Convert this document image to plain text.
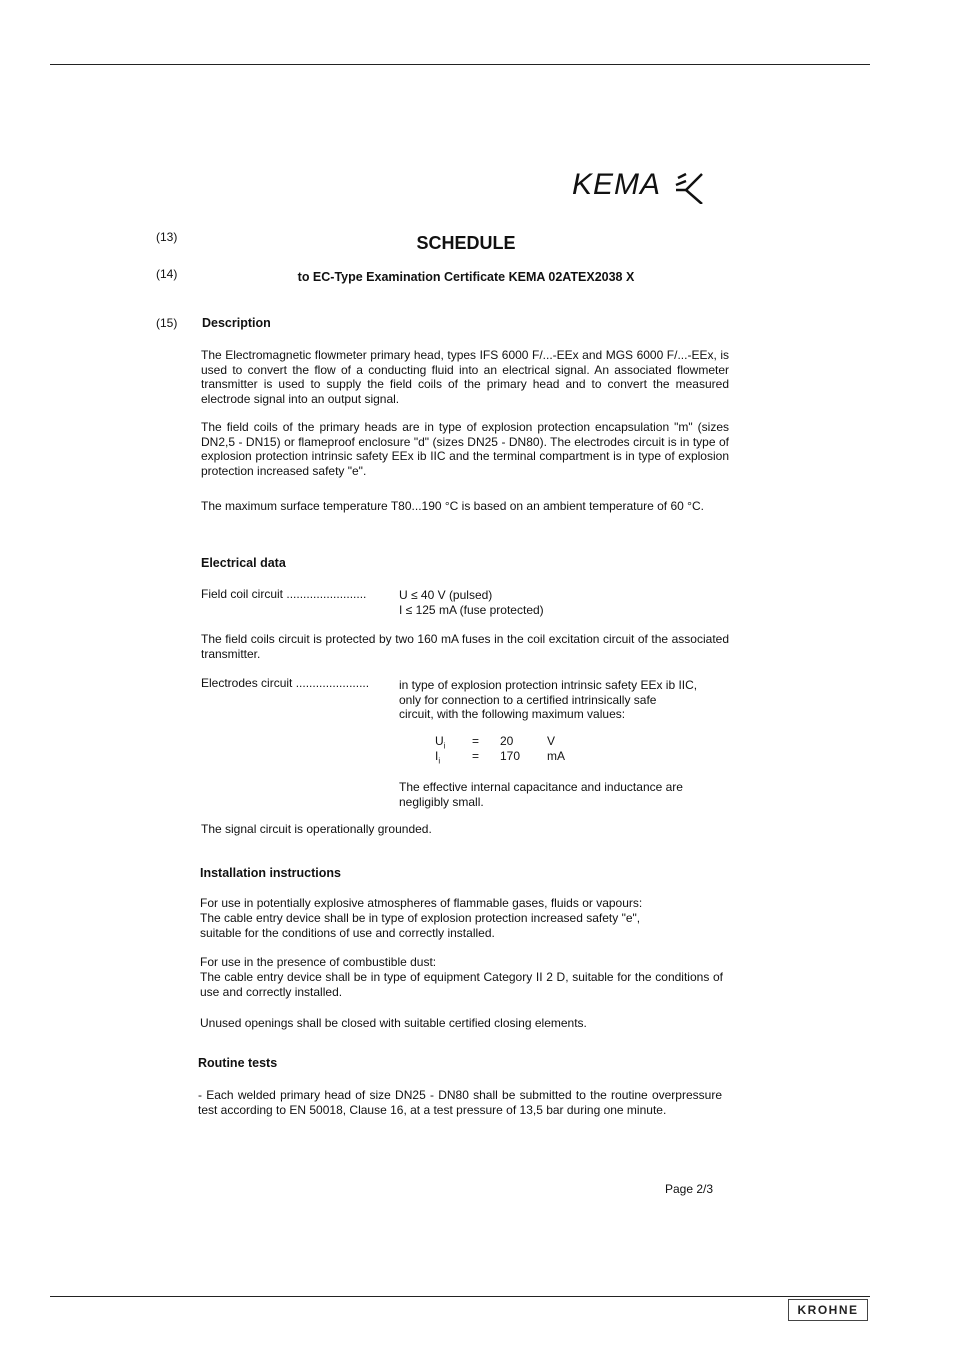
KEMA
(13)	SCHEDULE
(14)	to EC-Type Examination Certificate KEMA 02ATEX2038 X
(15) Description

The Electromagnetic flowmeter primary head, types IFS 6000 F/...-EEx and MGS 6000 F/...-EEx, is used to convert the flow of a conducting fluid into an electrical signal. An associated flowmeter transmitter is used to supply the field coils of the primary head and to convert the measured electrode signal into an output signal.

The field coils of the primary heads are in type of explosion protection encapsulation "m" (sizes DN2,5 - DN15) or flameproof enclosure "d" (sizes DN25 - DN80). The electrodes circuit is in type of explosion protection intrinsic safety EEx ib IIC and the terminal compartment is in type of explosion protection increased safety "e".

The maximum surface temperature T80...190 °C is based on an ambient temperature of 60 °C.

Electrical data
Field coil circuit ........................	U ≤ 40 V (pulsed)
I ≤ 125 mA (fuse protected)

The field coils circuit is protected by two 160 mA fuses in the coil excitation circuit of the associated transmitter.

Electrodes circuit ...................... in type of explosion protection intrinsic safety EEx ib IIC,
only for connection to a certified intrinsically safe
circuit, with the following maximum values:
$U_i = 20$	V
$I_i$	= 170 mA
The effective internal capacitance and inductance are
negligibly small.
The signal circuit is operationally grounded.
Installation instructions
For use in potentially explosive atmospheres of flammable gases, fluids or vapours:
The cable entry device shall be in type of explosion protection increased safety "e",
suitable for the conditions of use and correctly installed.
For use in the presence of combustible dust:
The cable entry device shall be in type of equipment Category II 2 D, suitable for the conditions of use and correctly installed.
Unused openings shall be closed with suitable certified closing elements.
Routine tests

- Each welded primary head of size DN25 - DN80 shall be submitted to the routine overpressure test according to EN 50018, Clause 16, at a test pressure of 13,5 bar during one minute.

Page 2/3
KROHNE
